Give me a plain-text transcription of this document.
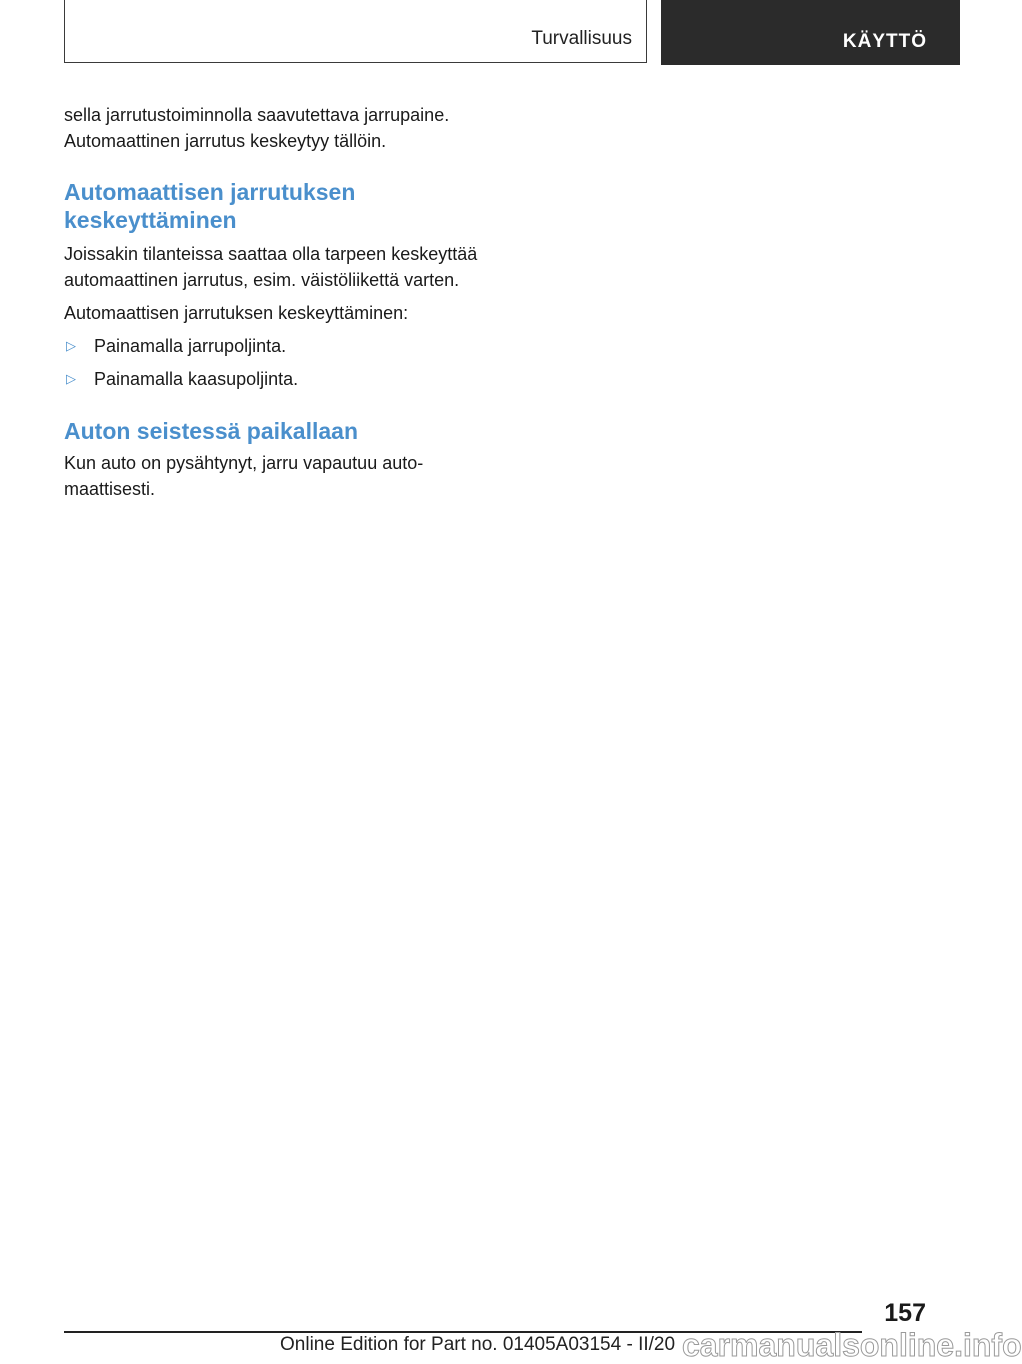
Turvallisuus	KÄYTTÖ

sella jarrutustoiminnolla saavutettava jarrupaine. Automaattinen jarrutus keskeytyy tällöin.

Automaattisen jarrutuksen keskeyttäminen

Joissakin tilanteissa saattaa olla tarpeen keskeyttää automaattinen jarrutus, esim. väistöliikettä varten.

Automaattisen jarrutuksen keskeyttäminen:

▷ Painamalla jarrupoljinta.
▷ Painamalla kaasupoljinta.
Auton seistessä paikallaan

Kun auto on pysähtynyt, jarru vapautuu automaattisesti.

157
Online Edition for Part no. 01405A03154 - II/20 carmanualsonline.info
